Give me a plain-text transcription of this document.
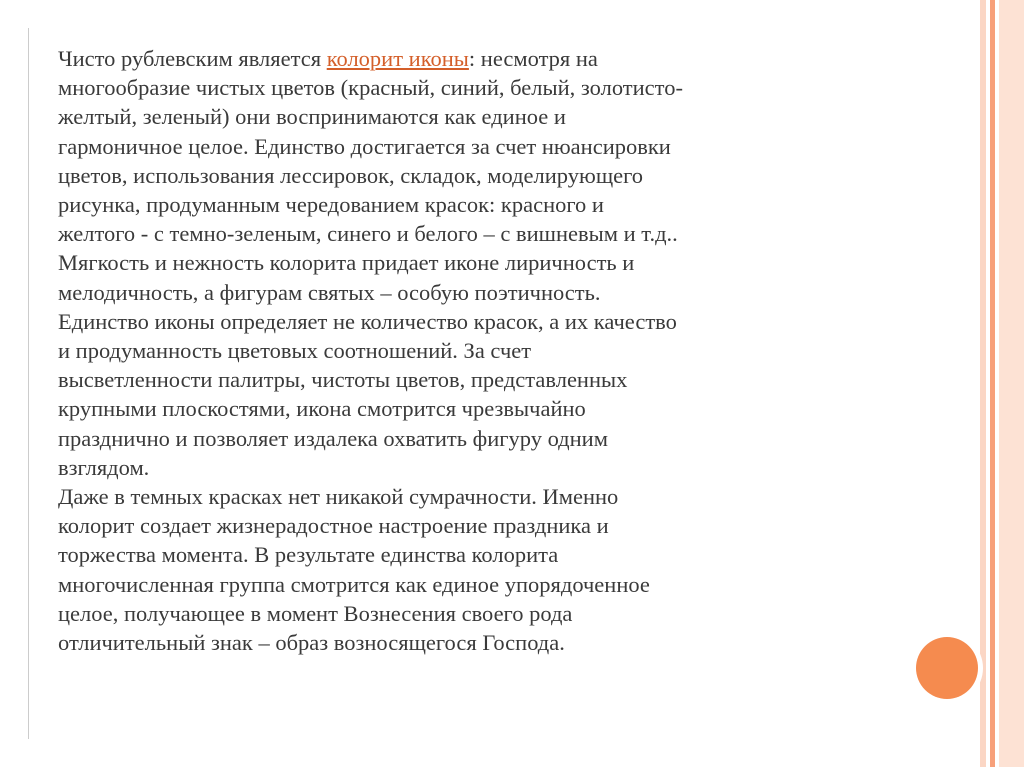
Чисто рублевским является колорит иконы: несмотря на
многообразие чистых цветов (красный, синий, белый, золотисто-
желтый, зеленый) они воспринимаются как единое и
гармоничное целое. Единство достигается за счет нюансировки
цветов, использования лессировок, складок, моделирующего
рисунка, продуманным чередованием красок: красного и
желтого - с темно-зеленым, синего и белого – с вишневым и т.д..
Мягкость и нежность колорита придает иконе лиричность и
мелодичность, а фигурам святых – особую поэтичность.
Единство иконы определяет не количество красок, а их качество
и продуманность цветовых соотношений. За счет
высветленности палитры, чистоты цветов, представленных
крупными плоскостями, икона смотрится чрезвычайно
празднично и позволяет издалека охватить фигуру одним
взглядом.
Даже в темных красках нет никакой сумрачности. Именно
колорит создает жизнерадостное настроение праздника и
торжества момента. В результате единства колорита
многочисленная группа смотрится как единое упорядоченное
целое, получающее в момент Вознесения своего рода
отличительный знак – образ возносящегося Господа.
